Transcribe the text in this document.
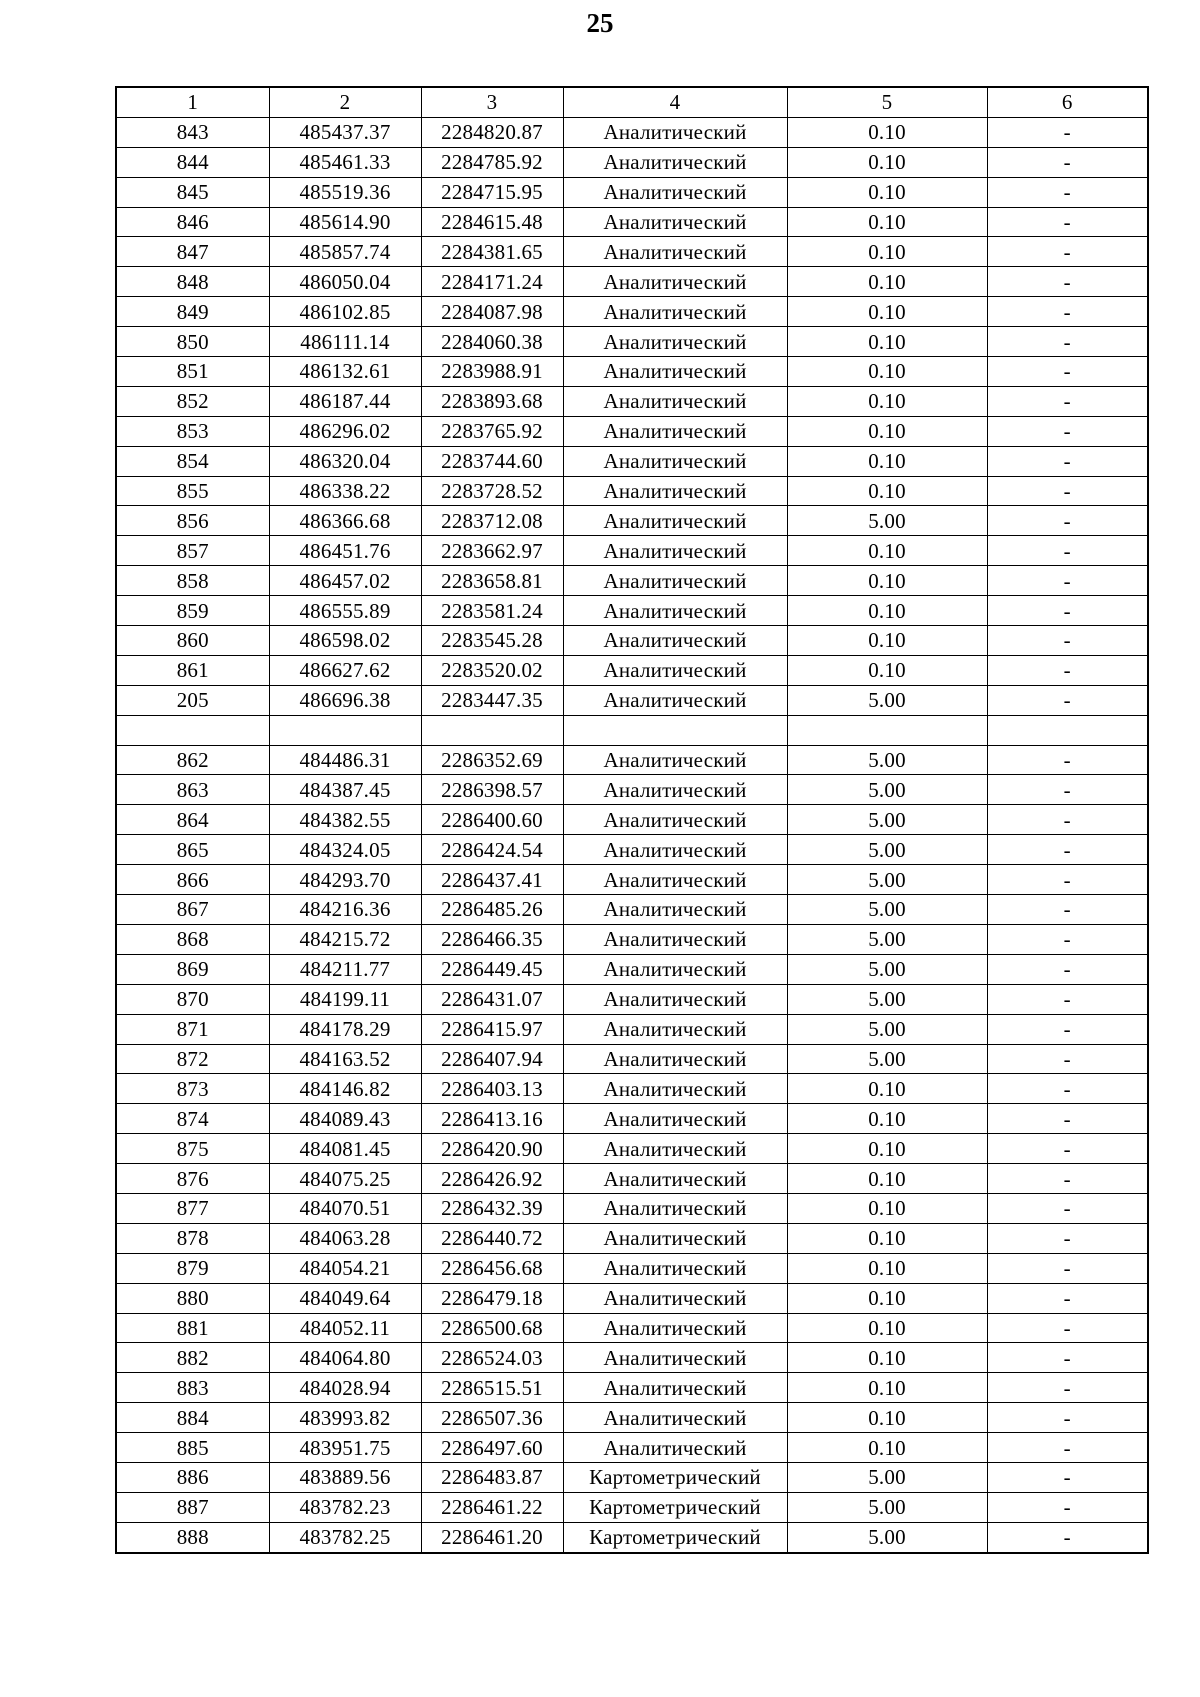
25
1	2	3	4	5	6
843	485437.37	2284820.87	Аналитический	0.10	-
844	485461.33	2284785.92	Аналитический	0.10	-
845	485519.36	2284715.95	Аналитический	0.10	-
846	485614.90	2284615.48	Аналитический	0.10	-
847	485857.74	2284381.65	Аналитический	0.10	-
848	486050.04	2284171.24	Аналитический	0.10	-
849	486102.85	2284087.98	Аналитический	0.10	-
850	486111.14	2284060.38	Аналитический	0.10	-
851	486132.61	2283988.91	Аналитический	0.10	-
852	486187.44	2283893.68	Аналитический	0.10	-
853	486296.02	2283765.92	Аналитический	0.10	-
854	486320.04	2283744.60	Аналитический	0.10	-
855	486338.22	2283728.52	Аналитический	0.10	-
856	486366.68	2283712.08	Аналитический	5.00	-
857	486451.76	2283662.97	Аналитический	0.10	-
858	486457.02	2283658.81	Аналитический	0.10	-
859	486555.89	2283581.24	Аналитический	0.10	-
860	486598.02	2283545.28	Аналитический	0.10	-
861	486627.62	2283520.02	Аналитический	0.10	-
205	486696.38	2283447.35	Аналитический	5.00	-

862	484486.31	2286352.69	Аналитический	5.00	-
863	484387.45	2286398.57	Аналитический	5.00	-
864	484382.55	2286400.60	Аналитический	5.00	-
865	484324.05	2286424.54	Аналитический	5.00	-
866	484293.70	2286437.41	Аналитический	5.00	-
867	484216.36	2286485.26	Аналитический	5.00	-
868	484215.72	2286466.35	Аналитический	5.00	-
869	484211.77	2286449.45	Аналитический	5.00	-
870	484199.11	2286431.07	Аналитический	5.00	-
871	484178.29	2286415.97	Аналитический	5.00	-
872	484163.52	2286407.94	Аналитический	5.00	-
873	484146.82	2286403.13	Аналитический	0.10	-
874	484089.43	2286413.16	Аналитический	0.10	-
875	484081.45	2286420.90	Аналитический	0.10	-
876	484075.25	2286426.92	Аналитический	0.10	-
877	484070.51	2286432.39	Аналитический	0.10	-
878	484063.28	2286440.72	Аналитический	0.10	-
879	484054.21	2286456.68	Аналитический	0.10	-
880	484049.64	2286479.18	Аналитический	0.10	-
881	484052.11	2286500.68	Аналитический	0.10	-
882	484064.80	2286524.03	Аналитический	0.10	-
883	484028.94	2286515.51	Аналитический	0.10	-
884	483993.82	2286507.36	Аналитический	0.10	-
885	483951.75	2286497.60	Аналитический	0.10	-
886	483889.56	2286483.87	Картометрический	5.00	-
887	483782.23	2286461.22	Картометрический	5.00	-
888	483782.25	2286461.20	Картометрический	5.00	-
